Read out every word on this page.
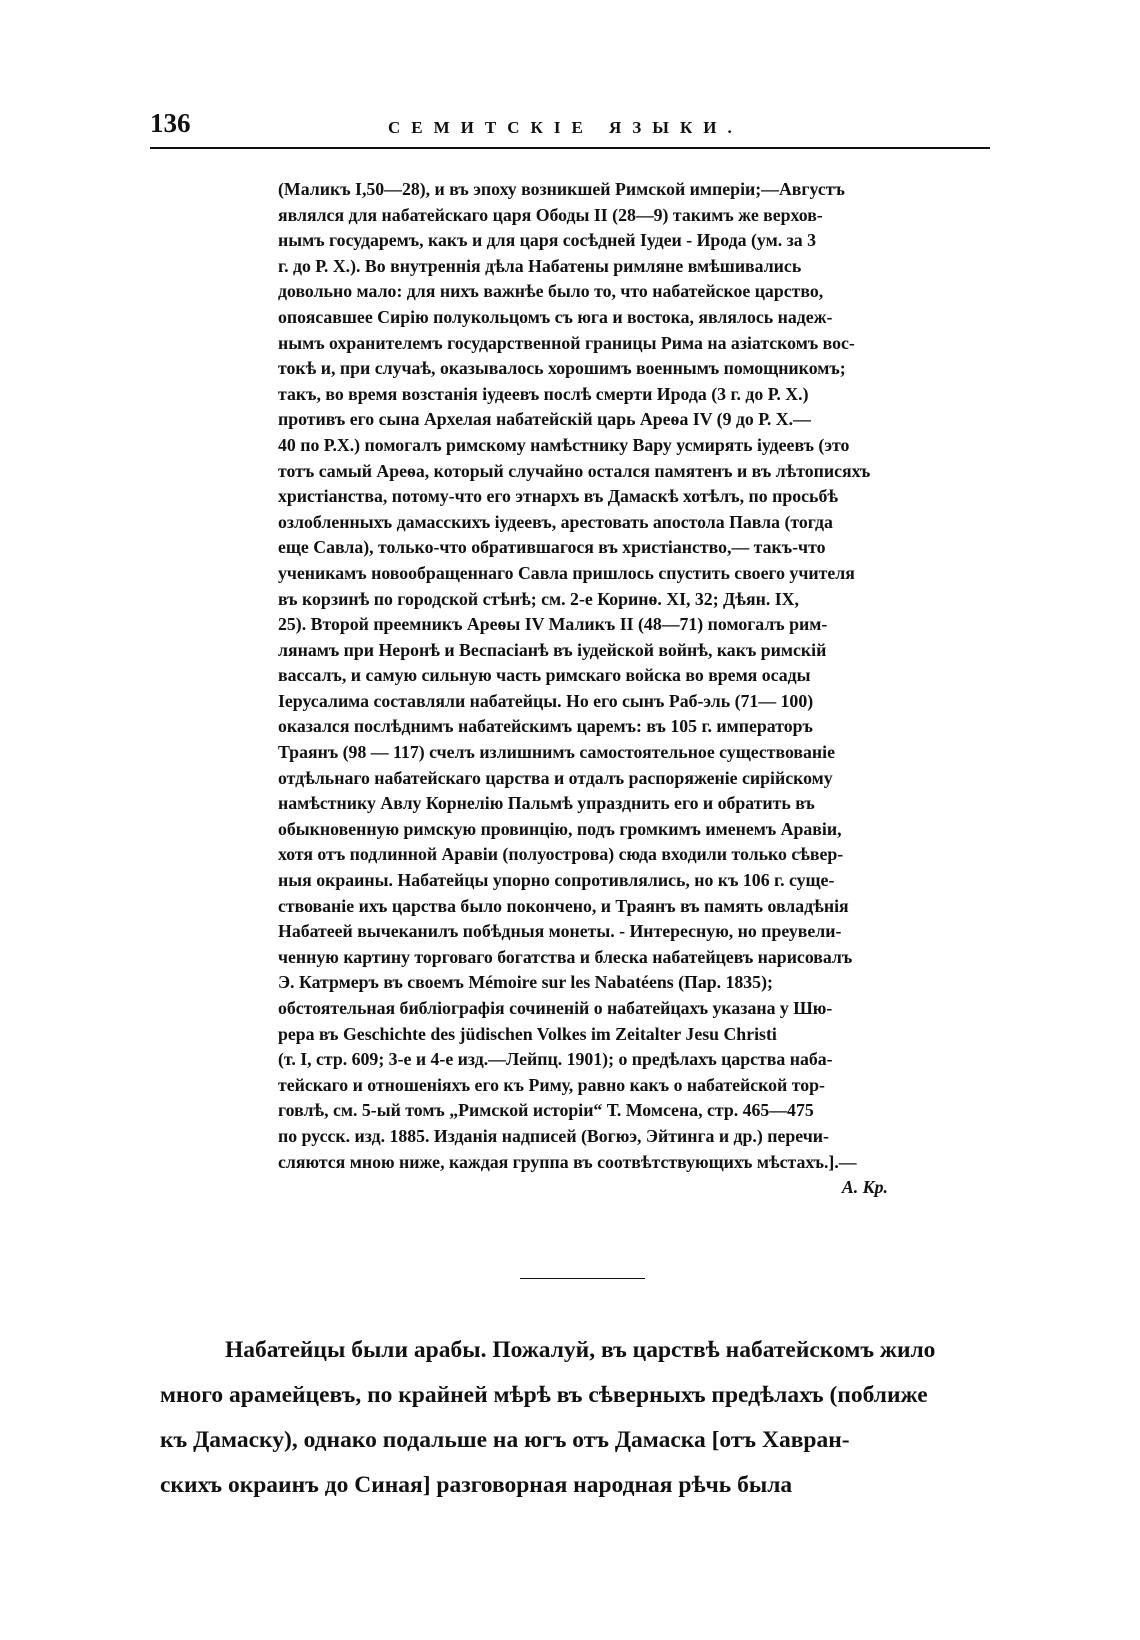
136	СЕМИТСКІЕ ЯЗЫКИ.
(Маликъ I,50—28), и въ эпоху возникшей Римской имперіи;—Августъ
являлся для набатейскаго царя Ободы II (28—9) такимъ же верхов-
нымъ государемъ, какъ и для царя сосѣдней Іудеи - Ирода (ум. за 3
г. до Р. Х.). Во внутреннія дѣла Набатены римляне вмѣшивались
довольно мало: для нихъ важнѣе было то, что набатейское царство,
опоясавшее Сирію полукольцомъ съ юга и востока, являлось надеж-
нымъ охранителемъ государственной границы Рима на азіатскомъ вос-
токѣ и, при случаѣ, оказывалось хорошимъ военнымъ помощникомъ;
такъ, во время возстанія іудеевъ послѣ смерти Ирода (3 г. до Р. Х.)
противъ его сына Архелая набатейскій царь Ареѳа IV (9 до Р. Х.—
40 по Р.Х.) помогалъ римскому намѣстнику Вару усмирять іудеевъ (это
тотъ самый Ареѳа, который случайно остался памятенъ и въ лѣтописяхъ
христіанства, потому-что его этнархъ въ Дамаскѣ хотѣлъ, по просьбѣ
озлобленныхъ дамасскихъ іудеевъ, арестовать апостола Павла (тогда
еще Савла), только-что обратившагося въ христіанство,— такъ-что
ученикамъ новообращеннаго Савла пришлось спустить своего учителя
въ корзинѣ по городской стѣнѣ; см. 2-е Коринѳ. XI, 32; Дѣян. IX,
25). Второй преемникъ Ареѳы IV Маликъ II (48—71) помогалъ рим-
лянамъ при Неронѣ и Веспасіанѣ въ іудейской войнѣ, какъ римскій
вассалъ, и самую сильную часть римскаго войска во время осады
Іерусалима составляли набатейцы. Но его сынъ Раб-эль (71— 100)
оказался послѣднимъ набатейскимъ царемъ: въ 105 г. императоръ
Траянъ (98 — 117) счелъ излишнимъ самостоятельное существованіе
отдѣльнаго набатейскаго царства и отдалъ распоряженіе сирійскому
намѣстнику Авлу Корнелію Пальмѣ упразднить его и обратить въ
обыкновенную римскую провинцію, подъ громкимъ именемъ Аравіи,
хотя отъ подлинной Аравіи (полуострова) сюда входили только сѣвер-
ныя окраины. Набатейцы упорно сопротивлялись, но къ 106 г. суще-
ствованіе ихъ царства было покончено, и Траянъ въ память овладѣнія
Набатеей вычеканилъ побѣдныя монеты. - Интересную, но преувели-
ченную картину торговаго богатства и блеска набатейцевъ нарисовалъ
Э. Катрмеръ въ своемъ Mémoire sur les Nabatéens (Пар. 1835);
обстоятельная библіографія сочиненій о набатейцахъ указана у Шю-
рера въ Geschichte des jüdischen Volkes im Zeitalter Jesu Christi
(т. I, стр. 609; 3-е и 4-е изд.—Лейпц. 1901); о предѣлахъ царства наба-
тейскаго и отношеніяхъ его къ Риму, равно какъ о набатейской тор-
говлѣ, см. 5-ый томъ „Римской исторіи“ Т. Момсена, стр. 465—475
по русск. изд. 1885. Изданія надписей (Вогюэ, Эйтинга и др.) перечи-
сляются мною ниже, каждая группа въ соотвѣтствующихъ мѣстахъ.].—
А. Кр.
Набатейцы были арабы. Пожалуй, въ царствѣ набатейскомъ жило
много арамейцевъ, по крайней мѣрѣ въ сѣверныхъ предѣлахъ (поближе
къ Дамаску), однако подальше на югъ отъ Дамаска [отъ Хавран-
скихъ окраинъ до Синая] разговорная народная рѣчь была
